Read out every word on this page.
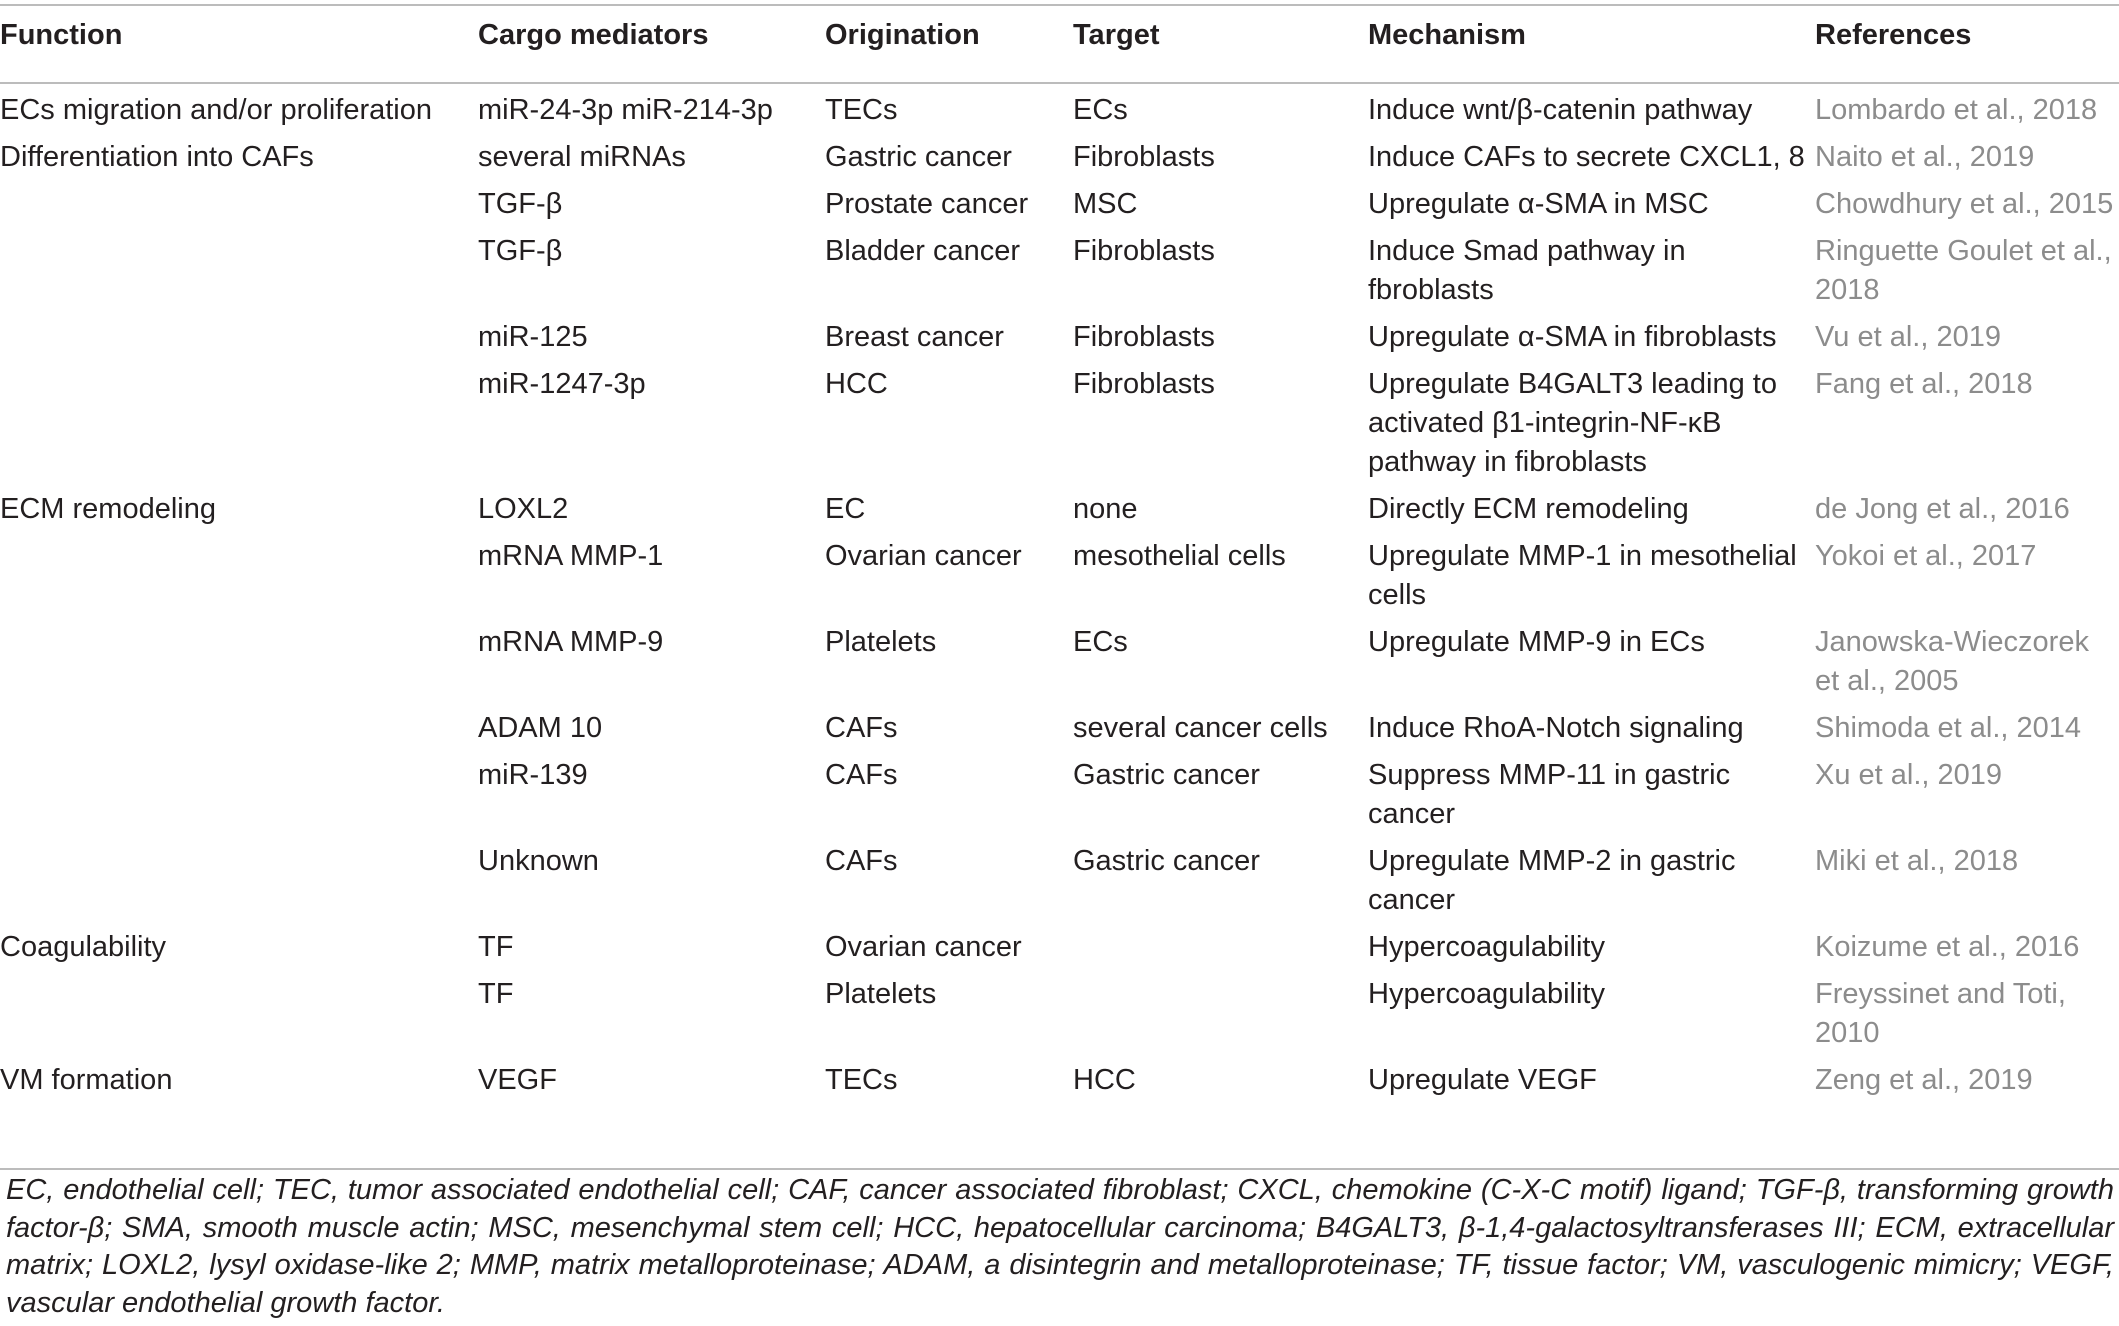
Function	Cargo mediators	Origination	Target	Mechanism	References
ECs migration and/or proliferation	miR-24-3p miR-214-3p	TECs	ECs	Induce wnt/β-catenin pathway	Lombardo et al., 2018
Differentiation into CAFs	several miRNAs	Gastric cancer	Fibroblasts	Induce CAFs to secrete CXCL1, 8	Naito et al., 2019
	TGF-β	Prostate cancer	MSC	Upregulate α-SMA in MSC	Chowdhury et al., 2015
	TGF-β	Bladder cancer	Fibroblasts	Induce Smad pathway in fbroblasts	Ringuette Goulet et al., 2018
	miR-125	Breast cancer	Fibroblasts	Upregulate α-SMA in fibroblasts	Vu et al., 2019
	miR-1247-3p	HCC	Fibroblasts	Upregulate B4GALT3 leading to activated β1-integrin-NF-κB pathway in fibroblasts	Fang et al., 2018
ECM remodeling	LOXL2	EC	none	Directly ECM remodeling	de Jong et al., 2016
	mRNA MMP-1	Ovarian cancer	mesothelial cells	Upregulate MMP-1 in mesothelial cells	Yokoi et al., 2017
	mRNA MMP-9	Platelets	ECs	Upregulate MMP-9 in ECs	Janowska-Wieczorek et al., 2005
	ADAM 10	CAFs	several cancer cells	Induce RhoA-Notch signaling	Shimoda et al., 2014
	miR-139	CAFs	Gastric cancer	Suppress MMP-11 in gastric cancer	Xu et al., 2019
	Unknown	CAFs	Gastric cancer	Upregulate MMP-2 in gastric cancer	Miki et al., 2018
Coagulability	TF	Ovarian cancer		Hypercoagulability	Koizume et al., 2016
	TF	Platelets		Hypercoagulability	Freyssinet and Toti, 2010
VM formation	VEGF	TECs	HCC	Upregulate VEGF	Zeng et al., 2019
EC, endothelial cell; TEC, tumor associated endothelial cell; CAF, cancer associated fibroblast; CXCL, chemokine (C-X-C motif) ligand; TGF-β, transforming growth factor-β; SMA, smooth muscle actin; MSC, mesenchymal stem cell; HCC, hepatocellular carcinoma; B4GALT3, β-1,4-galactosyltransferases III; ECM, extracellular matrix; LOXL2, lysyl oxidase-like 2; MMP, matrix metalloproteinase; ADAM, a disintegrin and metalloproteinase; TF, tissue factor; VM, vasculogenic mimicry; VEGF, vascular endothelial growth factor.
